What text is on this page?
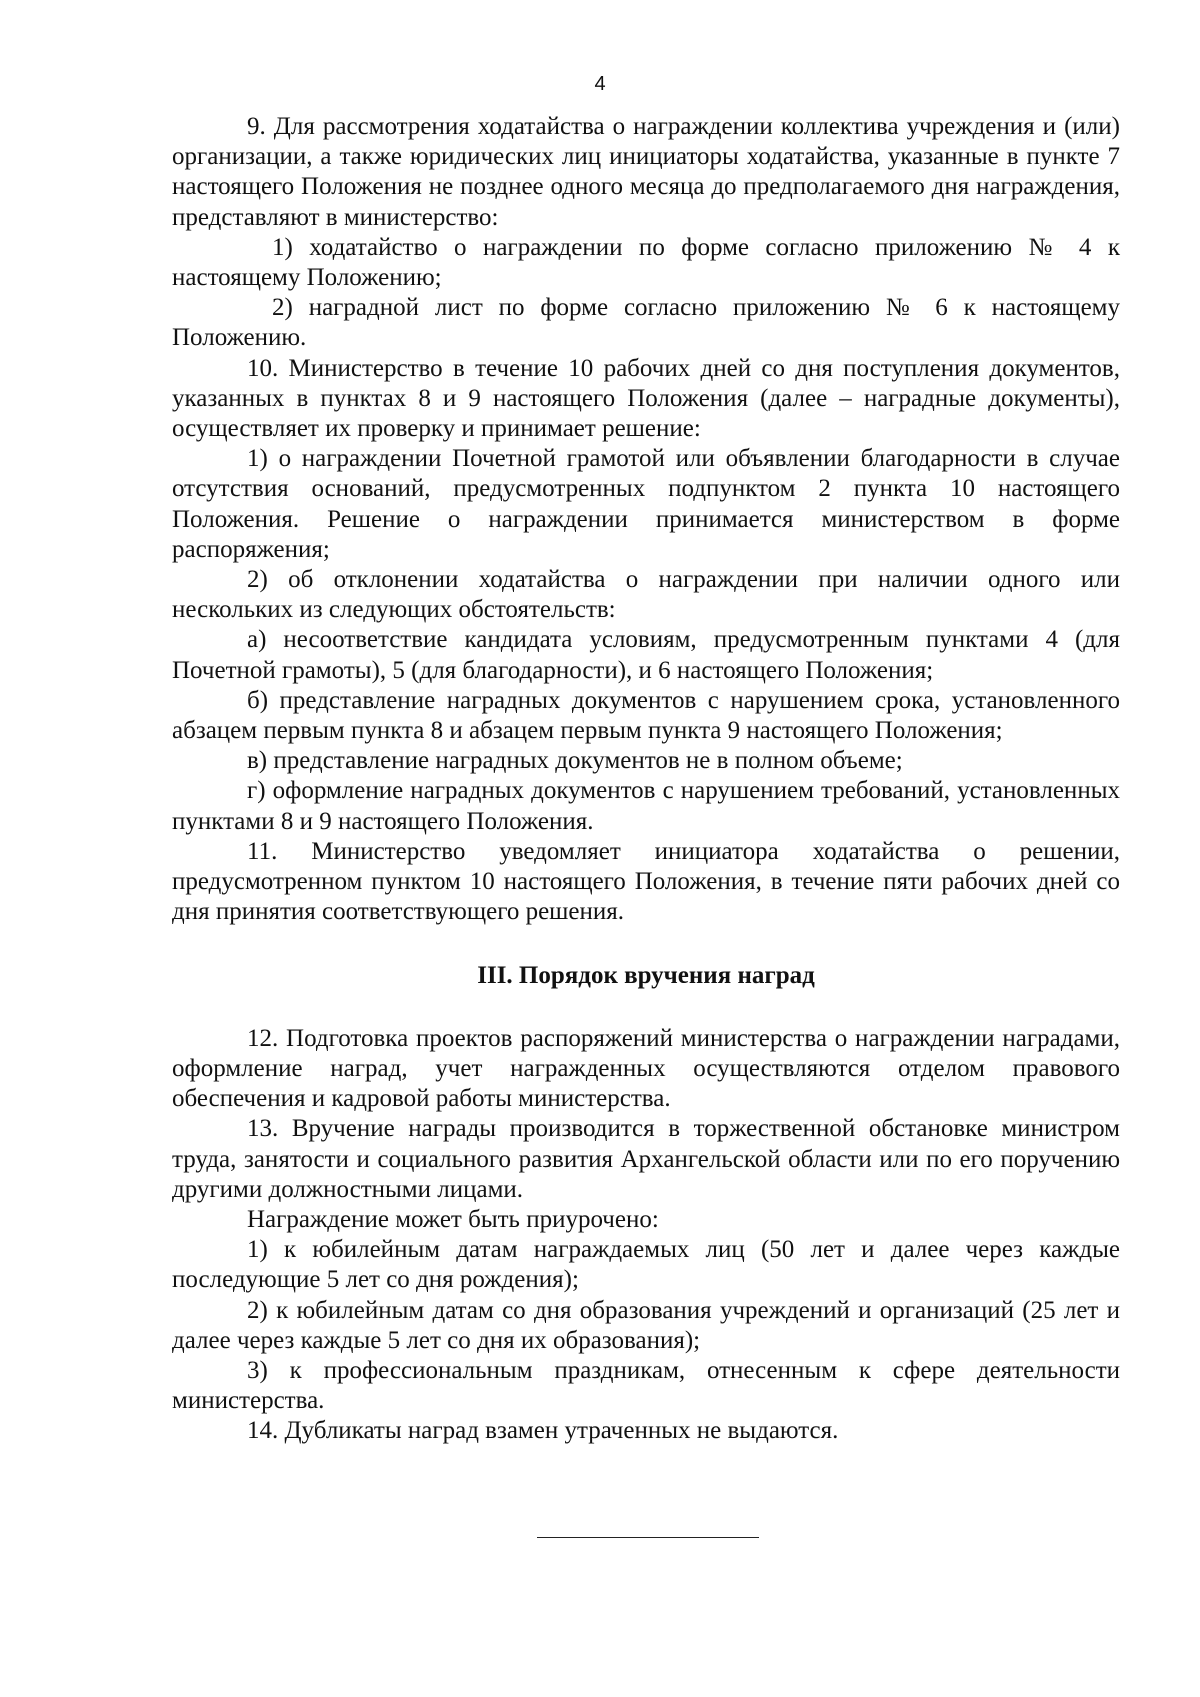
4

9. Для рассмотрения ходатайства о награждении коллектива учреждения и (или) организации, а также юридических лиц инициаторы ходатайства, указанные в пункте 7 настоящего Положения не позднее одного месяца до предполагаемого дня награждения, представляют в министерство:

1) ходатайство о награждении по форме согласно приложению № 4 к настоящему Положению;

2) наградной лист по форме согласно приложению № 6 к настоящему Положению.

10. Министерство в течение 10 рабочих дней со дня поступления документов, указанных в пунктах 8 и 9 настоящего Положения (далее – наградные документы), осуществляет их проверку и принимает решение:

1) о награждении Почетной грамотой или объявлении благодарности в случае отсутствия оснований, предусмотренных подпунктом 2 пункта 10 настоящего Положения. Решение о награждении принимается министерством в форме распоряжения;

2) об отклонении ходатайства о награждении при наличии одного или нескольких из следующих обстоятельств:

а) несоответствие кандидата условиям, предусмотренным пунктами 4 (для Почетной грамоты), 5 (для благодарности), и 6 настоящего Положения;

б) представление наградных документов с нарушением срока, установленного абзацем первым пункта 8 и абзацем первым пункта 9 настоящего Положения;

в) представление наградных документов не в полном объеме;

г) оформление наградных документов с нарушением требований, установленных пунктами 8 и 9 настоящего Положения.

11. Министерство уведомляет инициатора ходатайства о решении, предусмотренном пунктом 10 настоящего Положения, в течение пяти рабочих дней со дня принятия соответствующего решения.

III. Порядок вручения наград

12. Подготовка проектов распоряжений министерства о награждении наградами, оформление наград, учет награжденных осуществляются отделом правового обеспечения и кадровой работы министерства.

13. Вручение награды производится в торжественной обстановке министром труда, занятости и социального развития Архангельской области или по его поручению другими должностными лицами.

Награждение может быть приурочено:

1) к юбилейным датам награждаемых лиц (50 лет и далее через каждые последующие 5 лет со дня рождения);

2) к юбилейным датам со дня образования учреждений и организаций (25 лет и далее через каждые 5 лет со дня их образования);

3) к профессиональным праздникам, отнесенным к сфере деятельности министерства.

14. Дубликаты наград взамен утраченных не выдаются.
